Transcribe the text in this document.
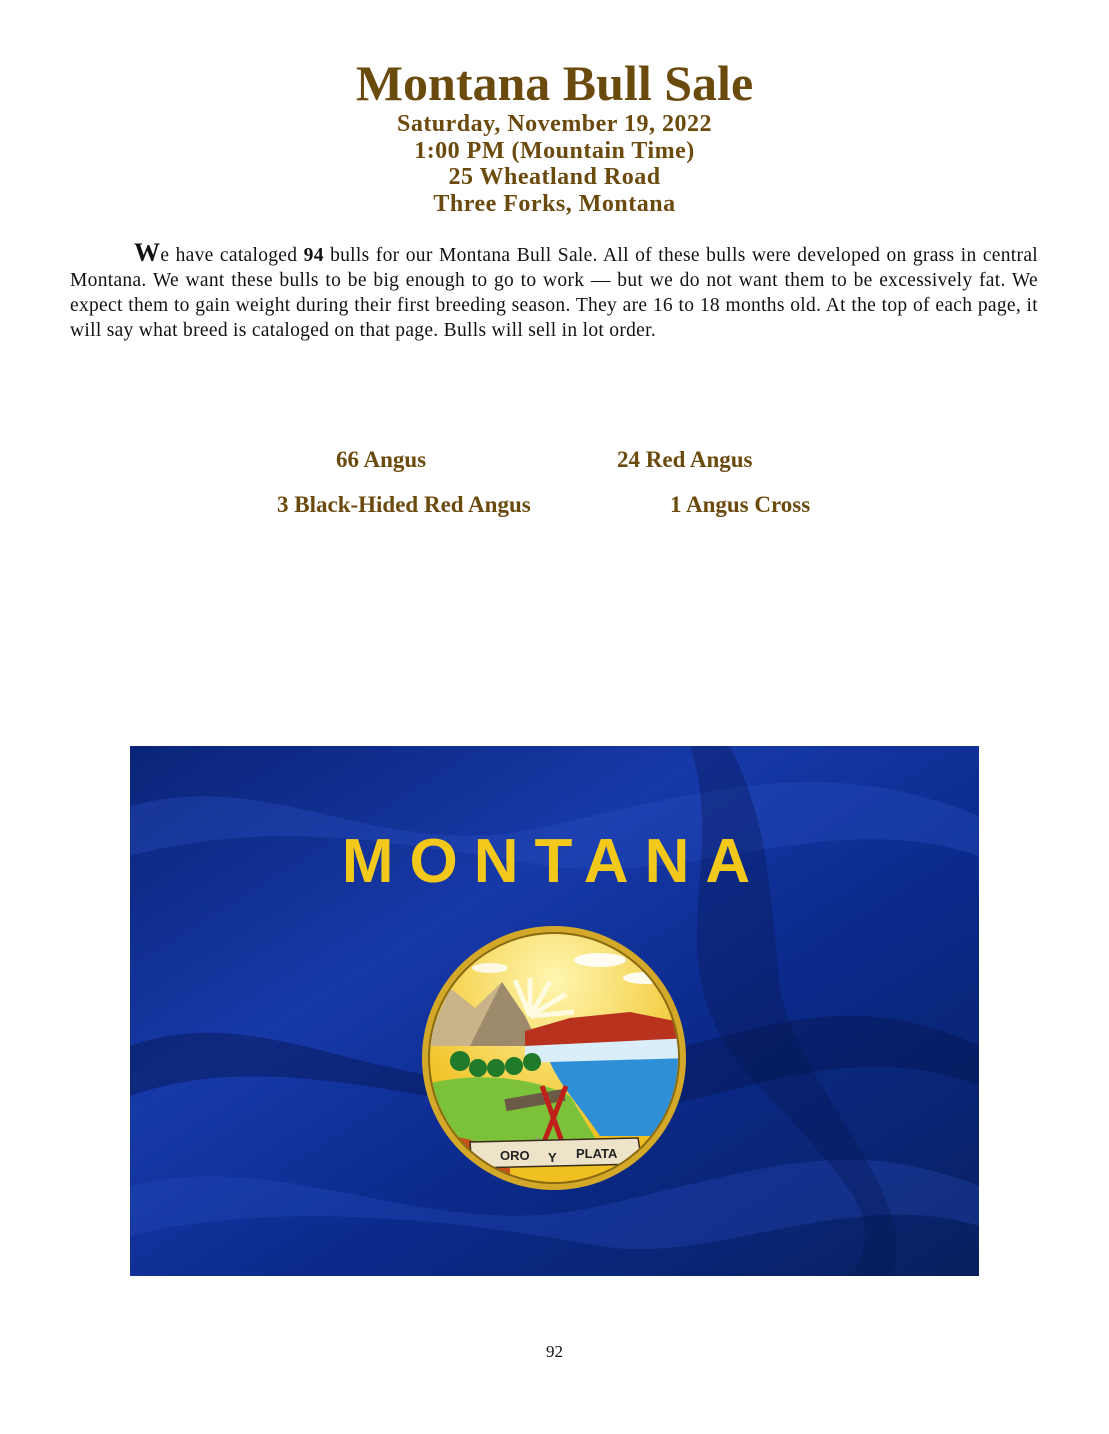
Montana Bull Sale
Saturday, November 19, 2022
1:00 PM (Mountain Time)
25 Wheatland Road
Three Forks, Montana
We have cataloged 94 bulls for our Montana Bull Sale. All of these bulls were developed on grass in central Montana. We want these bulls to be big enough to go to work — but we do not want them to be excessively fat. We expect them to gain weight during their first breeding season. They are 16 to 18 months old. At the top of each page, it will say what breed is cataloged on that page. Bulls will sell in lot order.
66 Angus	24 Red Angus
3 Black-Hided Red Angus	1 Angus Cross
MONTANA
ORO Y PLATA
92
